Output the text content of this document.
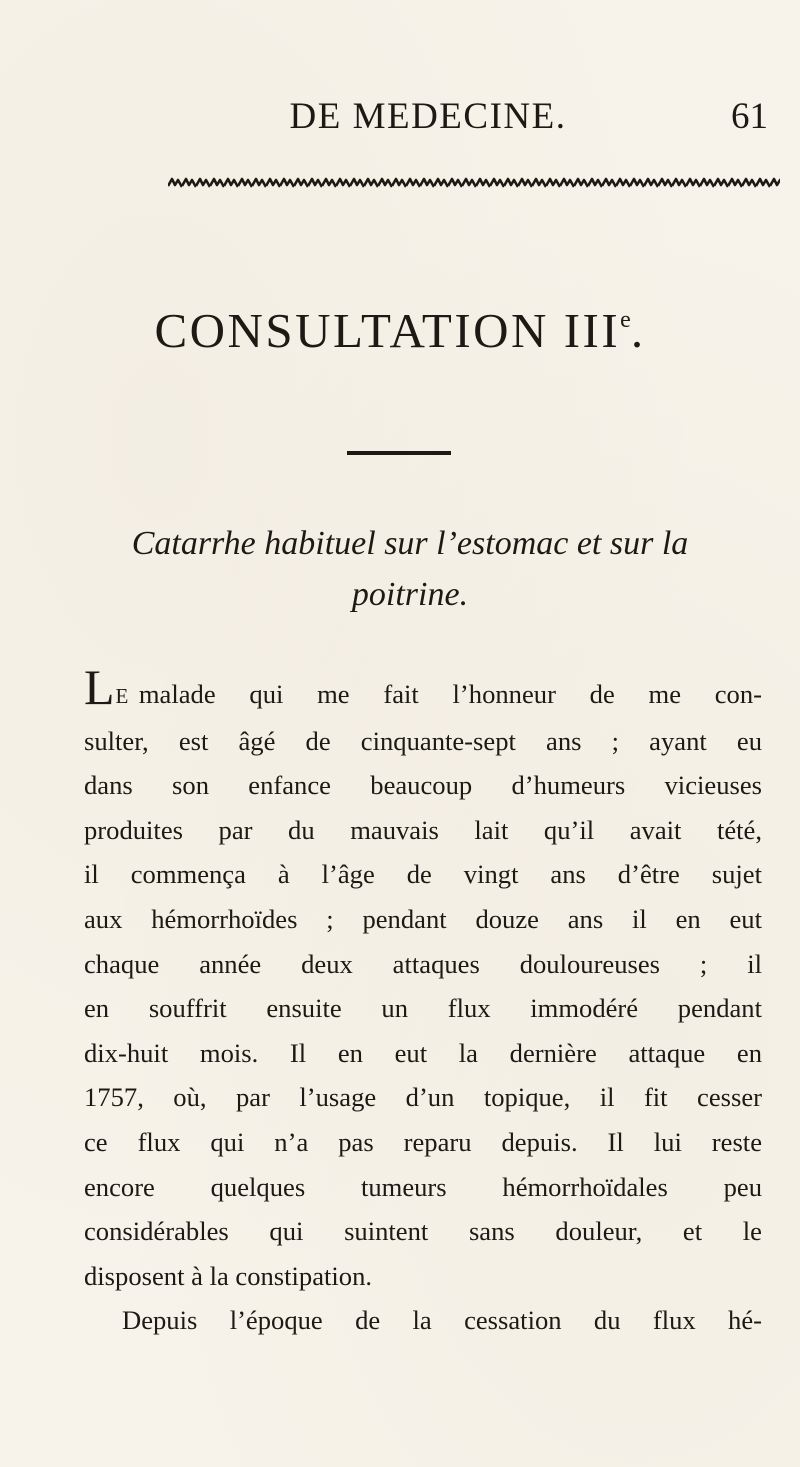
DE MEDECINE.	61
CONSULTATION IIIe.
Catarrhe habituel sur l’estomac et sur la
poitrine.
LE malade qui me fait l’honneur de me con-
sulter, est âgé de cinquante-sept ans ; ayant eu
dans son enfance beaucoup d’humeurs vicieuses
produites par du mauvais lait qu’il avait tété,
il commença à l’âge de vingt ans d’être sujet
aux hémorrhoïdes ; pendant douze ans il en eut
chaque année deux attaques douloureuses ; il
en souffrit ensuite un flux immodéré pendant
dix-huit mois. Il en eut la dernière attaque en
1757, où, par l’usage d’un topique, il fit cesser
ce flux qui n’a pas reparu depuis. Il lui reste
encore quelques tumeurs hémorrhoïdales peu
considérables qui suintent sans douleur, et le
disposent à la constipation.
Depuis l’époque de la cessation du flux hé-
